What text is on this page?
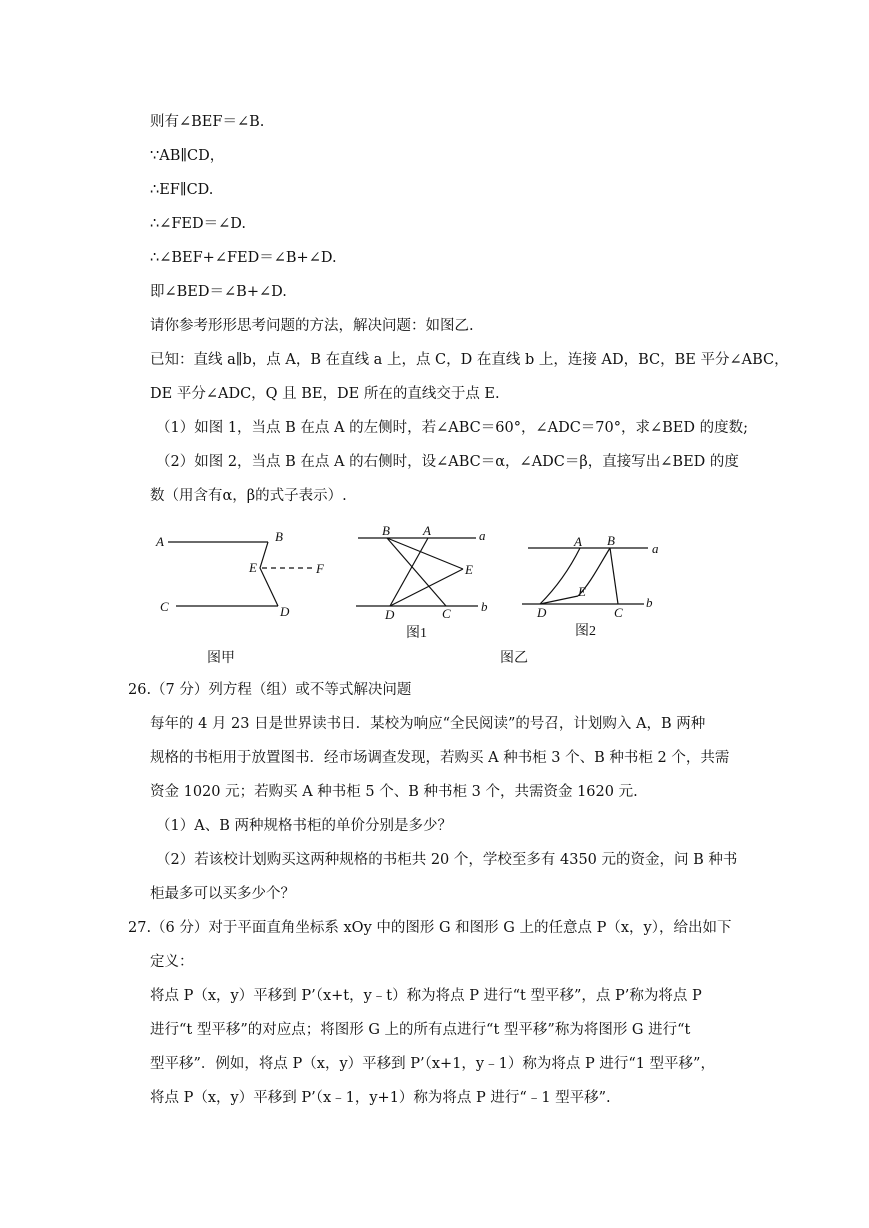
则有∠BEF＝∠B.
∵AB∥CD，
∴EF∥CD.
∴∠FED＝∠D.
∴∠BEF+∠FED＝∠B+∠D.
即∠BED＝∠B+∠D.
请你参考形形思考问题的方法，解决问题：如图乙.
已知：直线 a∥b，点 A，B 在直线 a 上，点 C，D 在直线 b 上，连接 AD，BC，BE 平分∠ABC，
DE 平分∠ADC，Q 且 BE，DE 所在的直线交于点 E.
（1）如图 1，当点 B 在点 A 的左侧时，若∠ABC＝60°，∠ADC＝70°，求∠BED 的度数;
（2）如图 2，当点 B 在点 A 的右侧时，设∠ABC＝α，∠ADC＝β，直接写出∠BED 的度
数（用含有α，β的式子表示）.
A	B
E	F
C	D
图甲
B	A	a
E
D	C b
图1
A B
a
E
D	C
b
图2
图乙
26.（7 分）列方程（组）或不等式解决问题
每年的 4 月 23 日是世界读书日．某校为响应“全民阅读”的号召，计划购入 A，B 两种
规格的书柜用于放置图书．经市场调查发现，若购买 A 种书柜 3 个、B 种书柜 2 个，共需
资金 1020 元；若购买 A 种书柜 5 个、B 种书柜 3 个，共需资金 1620 元.
（1）A、B 两种规格书柜的单价分别是多少？
（2）若该校计划购买这两种规格的书柜共 20 个，学校至多有 4350 元的资金，问 B 种书
柜最多可以买多少个？
27.（6 分）对于平面直角坐标系 xOy 中的图形 G 和图形 G 上的任意点 P（x，y），给出如下
定义：
将点 P（x，y）平移到 P’（x+t，y﹣t）称为将点 P 进行“t 型平移”，点 P’称为将点 P
进行“t 型平移”的对应点；将图形 G 上的所有点进行“t 型平移”称为将图形 G 进行“t
型平移”．例如，将点 P（x，y）平移到 P’（x+1，y﹣1）称为将点 P 进行“1 型平移”，
将点 P（x，y）平移到 P’（x﹣1，y+1）称为将点 P 进行“﹣1 型平移”.
